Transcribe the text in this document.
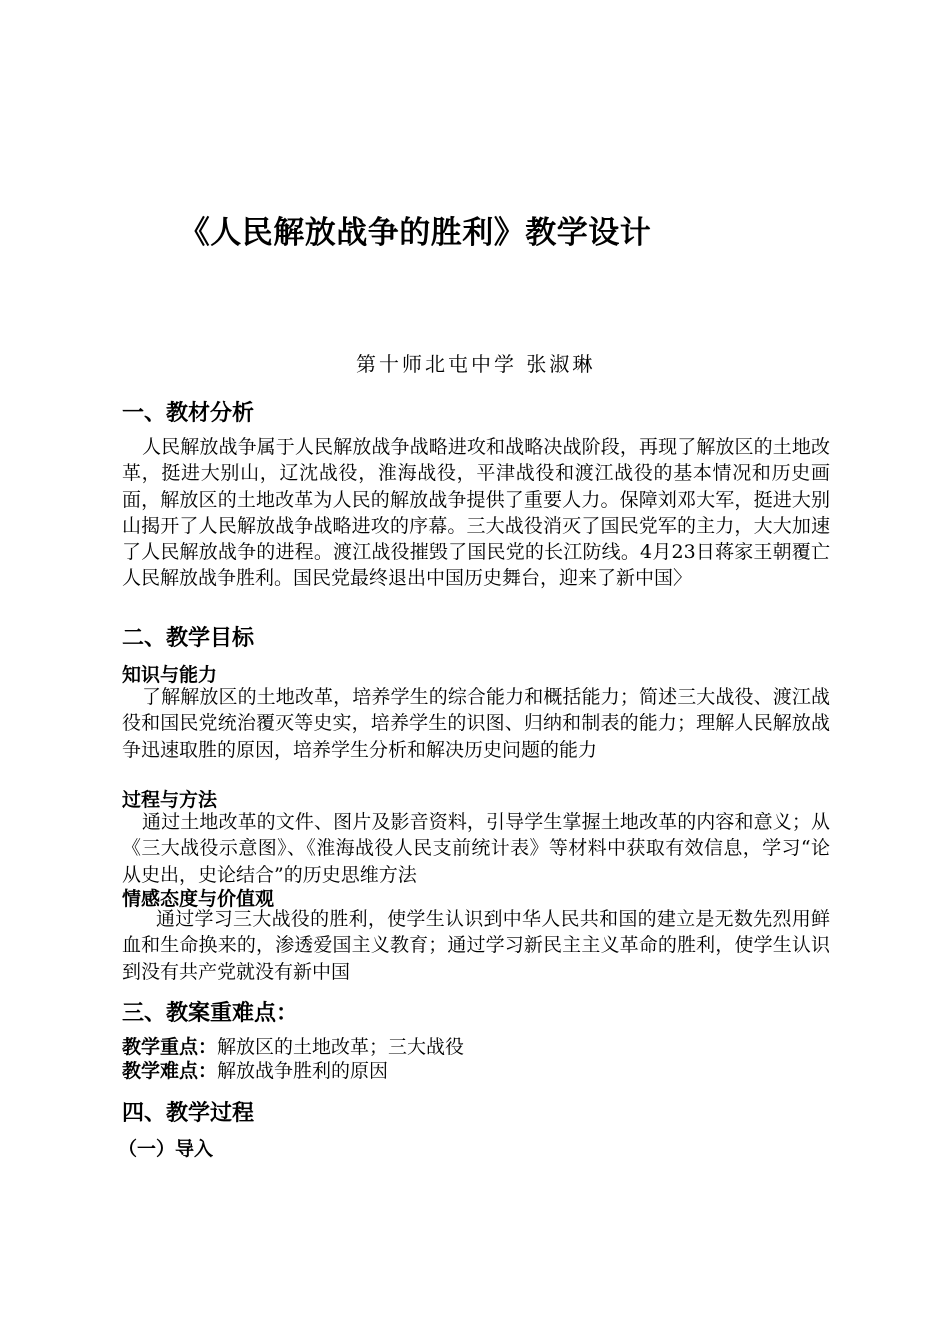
《人民解放战争的胜利》教学设计
第十师北屯中学 张淑琳
一、教材分析
人民解放战争属于人民解放战争战略进攻和战略决战阶段，再现了解放区的土地改革，挺进大别山，辽沈战役，淮海战役，平津战役和渡江战役的基本情况和历史画面，解放区的土地改革为人民的解放战争提供了重要人力。保障刘邓大军，挺进大别山揭开了人民解放战争战略进攻的序幕。三大战役消灭了国民党军的主力，大大加速了人民解放战争的进程。渡江战役摧毁了国民党的长江防线。4月23日蒋家王朝覆亡人民解放战争胜利。国民党最终退出中国历史舞台，迎来了新中国〉
二、教学目标
知识与能力
了解解放区的土地改革，培养学生的综合能力和概括能力；简述三大战役、渡江战役和国民党统治覆灭等史实，培养学生的识图、归纳和制表的能力；理解人民解放战争迅速取胜的原因，培养学生分析和解决历史问题的能力
过程与方法
通过土地改革的文件、图片及影音资料，引导学生掌握土地改革的内容和意义；从《三大战役示意图》、《淮海战役人民支前统计表》等材料中获取有效信息，学习“论从史出，史论结合”的历史思维方法
情感态度与价值观
通过学习三大战役的胜利，使学生认识到中华人民共和国的建立是无数先烈用鲜血和生命换来的，渗透爱国主义教育；通过学习新民主主义革命的胜利，使学生认识到没有共产党就没有新中国
三、教案重难点：
教学重点：解放区的土地改革；三大战役
教学难点：解放战争胜利的原因
四、教学过程
（一）导入
